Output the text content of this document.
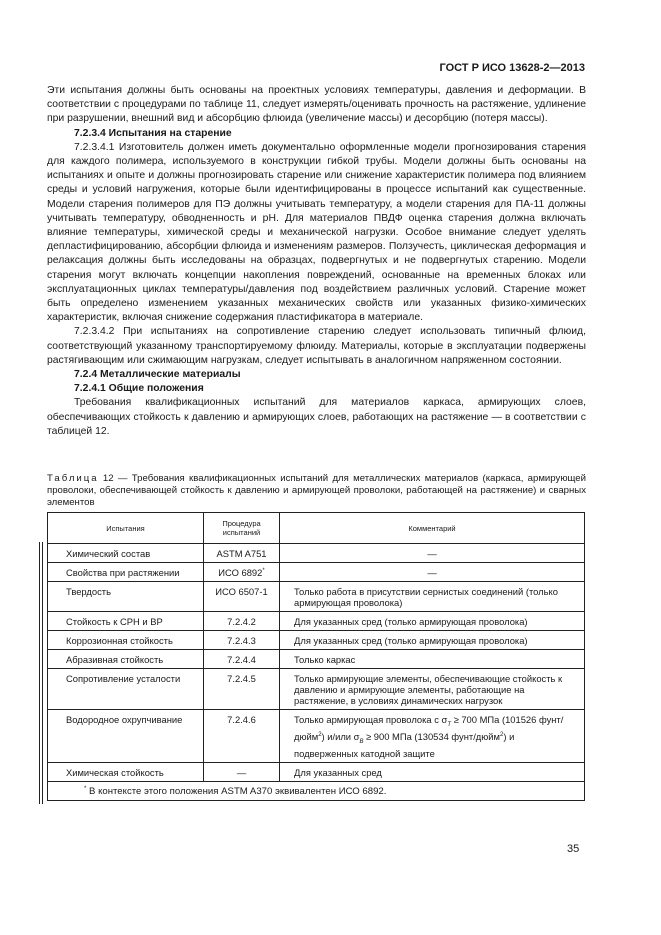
ГОСТ Р ИСО 13628-2—2013

Эти испытания должны быть основаны на проектных условиях температуры, давления и деформации. В соответствии с процедурами по таблице 11, следует измерять/оценивать прочность на растяжение, удлинение при разрушении, внешний вид и абсорбцию флюида (увеличение массы) и десорбцию (потеря массы).

7.2.3.4 Испытания на старение

7.2.3.4.1 Изготовитель должен иметь документально оформленные модели прогнозирования старения для каждого полимера, используемого в конструкции гибкой трубы. Модели должны быть основаны на испытаниях и опыте и должны прогнозировать старение или снижение характеристик полимера под влиянием среды и условий нагружения, которые были идентифицированы в процессе испытаний как существенные. Модели старения полимеров для ПЭ должны учитывать температуру, а модели старения для ПА-11 должны учитывать температуру, обводненность и pH. Для материалов ПВДФ оценка старения должна включать влияние температуры, химической среды и механической нагрузки. Особое внимание следует уделять депластифицированию, абсорбции флюида и изменениям размеров. Ползучесть, циклическая деформация и релаксация должны быть исследованы на образцах, подвергнутых и не подвергнутых старению. Модели старения могут включать концепции накопления повреждений, основанные на временных блоках или эксплуатационных циклах температуры/давления под воздействием различных условий. Старение может быть определено изменением указанных механических свойств или указанных физико-химических характеристик, включая снижение содержания пластификатора в материале.

7.2.3.4.2 При испытаниях на сопротивление старению следует использовать типичный флюид, соответствующий указанному транспортируемому флюиду. Материалы, которые в эксплуатации подвержены растягивающим или сжимающим нагрузкам, следует испытывать в аналогичном напряженном состоянии.

7.2.4 Металлические материалы

7.2.4.1 Общие положения

Требования квалификационных испытаний для материалов каркаса, армирующих слоев, обеспечивающих стойкость к давлению и армирующих слоев, работающих на растяжение — в соответствии с таблицей 12.

Таблица 12 — Требования квалификационных испытаний для металлических материалов (каркаса, армирующей проволоки, обеспечивающей стойкость к давлению и армирующей проволоки, работающей на растяжение) и сварных элементов

Испытания	Процедура испытаний	Комментарий
Химический состав	ASTM A751	—
Свойства при растяжении	ИСО 6892*	—
Твердость	ИСО 6507-1	Только работа в присутствии сернистых соединений (только армирующая проволока)
Стойкость к СРН и ВР	7.2.4.2	Для указанных сред (только армирующая проволока)
Коррозионная стойкость	7.2.4.3	Для указанных сред (только армирующая проволока)
Абразивная стойкость	7.2.4.4	Только каркас
Сопротивление усталости	7.2.4.5	Только армирующие элементы, обеспечивающие стойкость к давлению и армирующие элементы, работающие на растяжение, в условиях динамических нагрузок
Водородное охрупчивание	7.2.4.6	Только армирующая проволока с $\sigma_T \ge 700$ МПа (101526 фунт/дюйм$^2$) и/или $\sigma_B \ge 900$ МПа (130534 фунт/дюйм$^2$) и подверженных катодной защите
Химическая стойкость	—	Для указанных сред
* В контексте этого положения ASTM A370 эквивалентен ИСО 6892.		
35
